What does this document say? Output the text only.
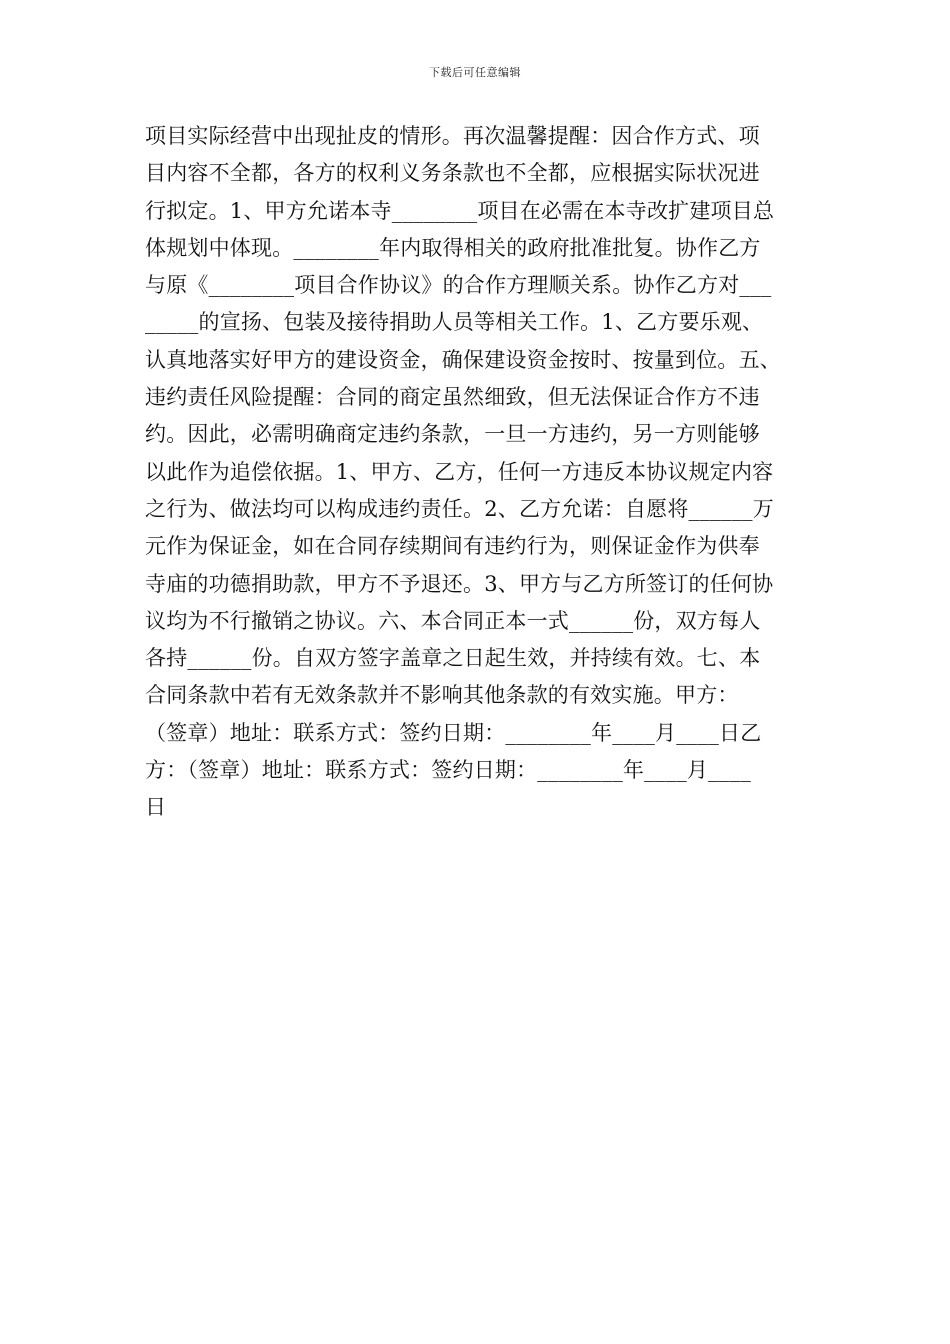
下载后可任意编辑
项目实际经营中出现扯皮的情形。再次温馨提醒：因合作方式、项
目内容不全都，各方的权利义务条款也不全都，应根据实际状况进
行拟定。1、甲方允诺本寺________项目在必需在本寺改扩建项目总
体规划中体现。________年内取得相关的政府批准批复。协作乙方
与原《________项目合作协议》的合作方理顺关系。协作乙方对___
_____的宣扬、包装及接待捐助人员等相关工作。1、乙方要乐观、
认真地落实好甲方的建设资金，确保建设资金按时、按量到位。五、
违约责任风险提醒：合同的商定虽然细致，但无法保证合作方不违
约。因此，必需明确商定违约条款，一旦一方违约，另一方则能够
以此作为追偿依据。1、甲方、乙方，任何一方违反本协议规定内容
之行为、做法均可以构成违约责任。2、乙方允诺：自愿将______万
元作为保证金，如在合同存续期间有违约行为，则保证金作为供奉
寺庙的功德捐助款，甲方不予退还。3、甲方与乙方所签订的任何协
议均为不行撤销之协议。六、本合同正本一式______份，双方每人
各持______份。自双方签字盖章之日起生效，并持续有效。七、本
合同条款中若有无效条款并不影响其他条款的有效实施。甲方：
（签章）地址：联系方式：签约日期：________年____月____日乙
方：（签章）地址：联系方式：签约日期：________年____月____
日
